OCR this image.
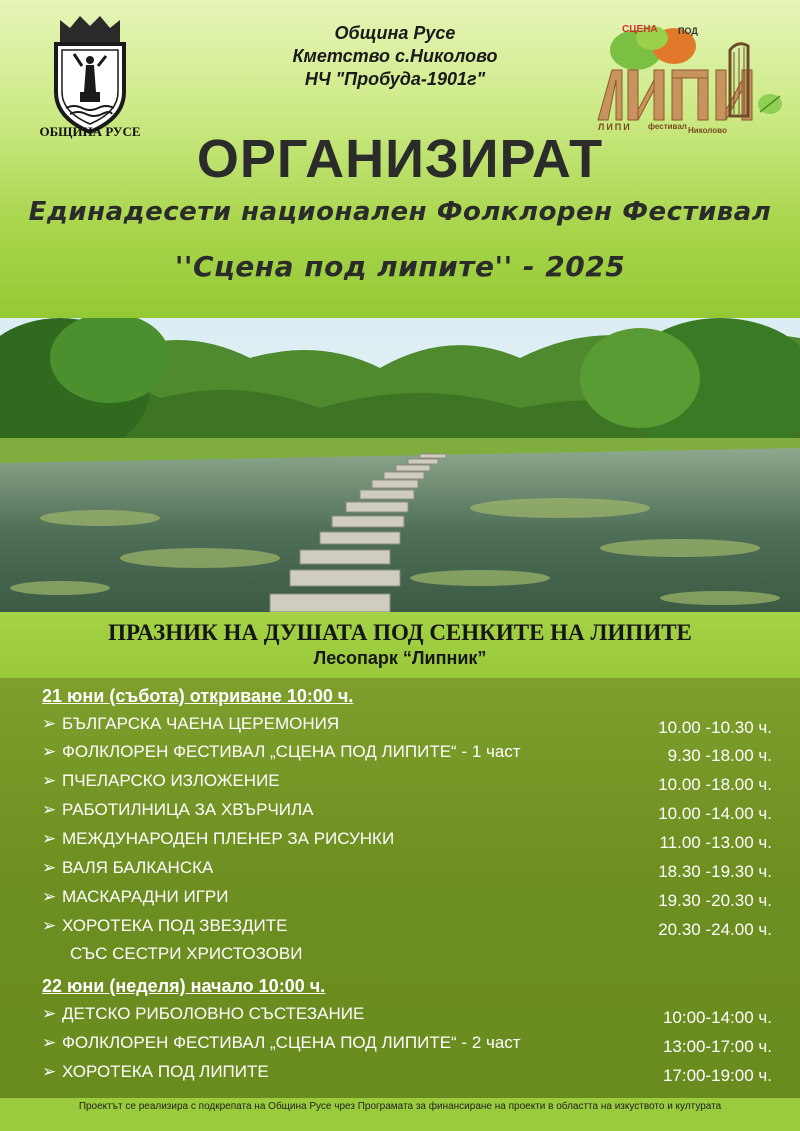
ОБЩИНА РУСЕ
Община Русе
Кметство с.Николово
НЧ "Пробуда-1901г"
СЦЕНА ПОД
ЛИПИ фестивал Николово
ОРГАНИЗИРАТ
Единадесети национален Фолклорен Фестивал
''Сцена под липите'' - 2025
ПРАЗНИК НА ДУШАТА ПОД СЕНКИТЕ НА ЛИПИТЕ
Лесопарк “Липник”
21 юни (събота) откриване 10:00 ч.
➢ БЪЛГАРСКА ЧАЕНА ЦЕРЕМОНИЯ	10.00 -10.30 ч.
➢ ФОЛКЛОРЕН ФЕСТИВАЛ „СЦЕНА ПОД ЛИПИТЕ“ - 1 част	9.30 -18.00 ч.
➢ ПЧЕЛАРСКО ИЗЛОЖЕНИЕ	10.00 -18.00 ч.
➢ РАБОТИЛНИЦА ЗА ХВЪРЧИЛА	10.00 -14.00 ч.
➢ МЕЖДУНАРОДЕН ПЛЕНЕР ЗА РИСУНКИ	11.00 -13.00 ч.
➢ ВАЛЯ БАЛКАНСКА	18.30 -19.30 ч.
➢ МАСКАРАДНИ ИГРИ	19.30 -20.30 ч.
➢ ХОРОТЕКА ПОД ЗВЕЗДИТЕ	20.30 -24.00 ч.
СЪС СЕСТРИ ХРИСТОЗОВИ
22 юни (неделя) начало 10:00 ч.
➢ ДЕТСКО РИБОЛОВНО СЪСТЕЗАНИЕ	10:00-14:00 ч.
➢ ФОЛКЛОРЕН ФЕСТИВАЛ „СЦЕНА ПОД ЛИПИТЕ“ - 2 част	13:00-17:00 ч.
➢ ХОРОТЕКА ПОД ЛИПИТЕ	17:00-19:00 ч.
Проектът се реализира с подкрепата на Община Русе чрез Програмата за финансиране на проекти в областта на изкуството и културата
